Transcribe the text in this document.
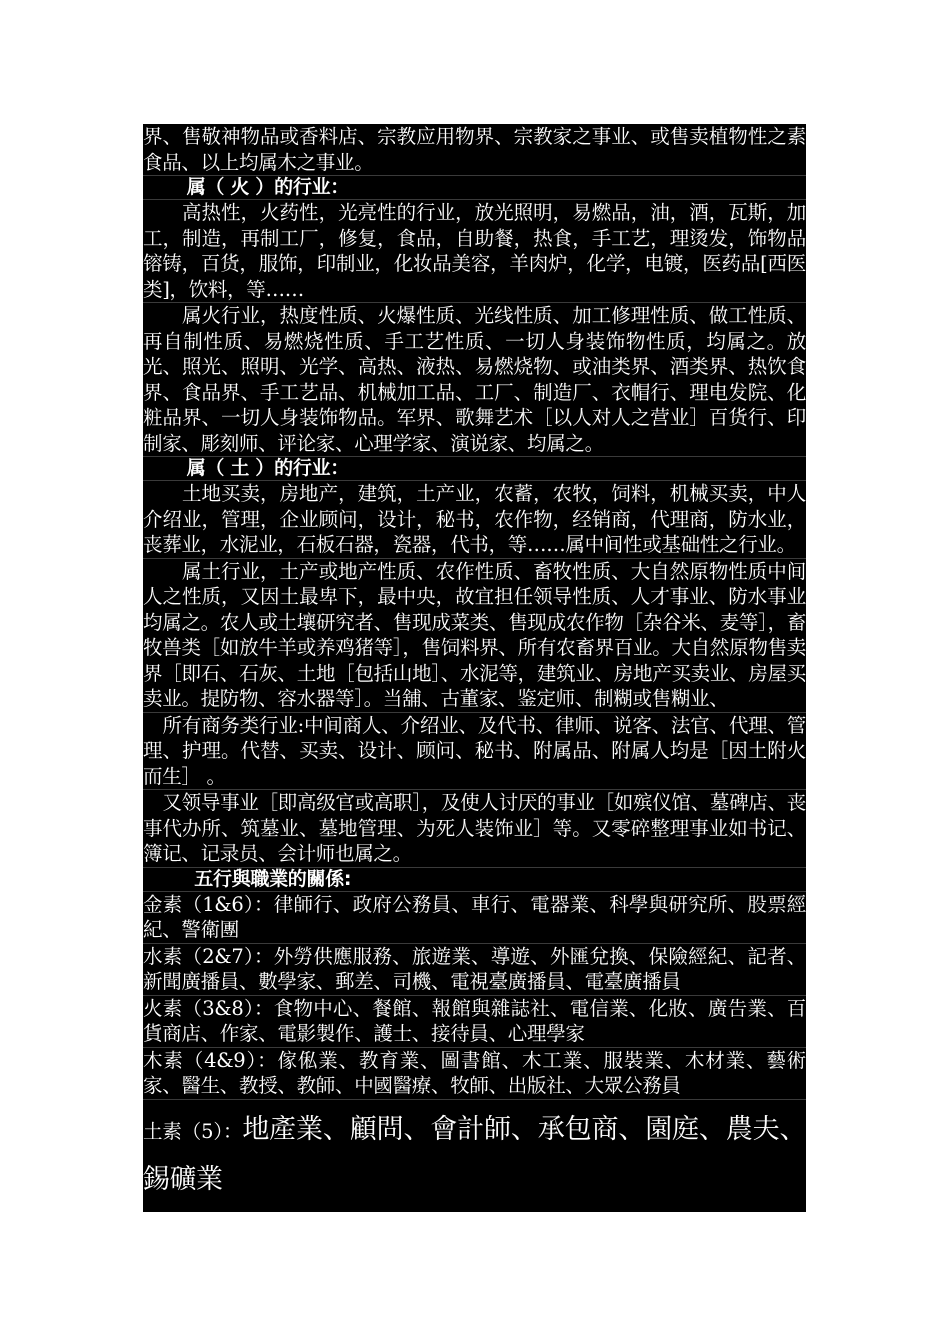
界、售敬神物品或香料店、宗教应用物界、宗教家之事业、或售卖植物性之素食品、以上均属木之事业。

属（ 火 ）的行业：

高热性，火药性，光亮性的行业，放光照明，易燃品，油，酒，瓦斯，加工，制造，再制工厂，修复，食品，自助餐，热食，手工艺，理烫发，饰物品镕铸，百货，服饰，印制业，化妆品美容，羊肉炉，化学，电镀，医药品[西医类]，饮料，等……

属火行业，热度性质、火爆性质、光线性质、加工修理性质、做工性质、再自制性质、易燃烧性质、手工艺性质、一切人身装饰物性质，均属之。放光、照光、照明、光学、高热、液热、易燃烧物、或油类界、酒类界、热饮食界、食品界、手工艺品、机械加工品、工厂、制造厂、衣帽行、理电发院、化粧品界、一切人身装饰物品。军界、歌舞艺术［以人对人之营业］百货行、印制家、彫刻师、评论家、心理学家、演说家、均属之。

属（ 土 ）的行业：

土地买卖，房地产，建筑，土产业，农蓄，农牧，饲料，机械买卖，中人介绍业，管理，企业顾问，设计，秘书，农作物，经销商，代理商，防水业，丧葬业，水泥业，石板石器，瓷器，代书，等……属中间性或基础性之行业。

属土行业，土产或地产性质、农作性质、畜牧性质、大自然原物性质中间人之性质，又因土最卑下，最中央，故宜担任领导性质、人才事业、防水事业均属之。农人或土壤研究者、售现成菜类、售现成农作物［杂谷米、麦等］，畜牧兽类［如放牛羊或养鸡猪等］，售饲料界、所有农畜界百业。大自然原物售卖界［即石、石灰、土地［包括山地］、水泥等，建筑业、房地产买卖业、房屋买卖业。提防物、容水器等］。当舖、古董家、鉴定师、制糊或售糊业、

所有商务类行业:中间商人、介绍业、及代书、律师、说客、法官、代理、管理、护理。代替、买卖、设计、顾问、秘书、附属品、附属人均是［因土附火而生］ 。

又领导事业［即高级官或高职］，及使人讨厌的事业［如殡仪馆、墓碑店、丧事代办所、筑墓业、墓地管理、为死人装饰业］等。又零碎整理事业如书记、簿记、记录员、会计师也属之。

五行與職業的關係:

金素（1&6）：律師行、政府公務員、車行、電器業、科學與研究所、股票經紀、警衛團

水素（2&7）：外勞供應服務、旅遊業、導遊、外匯兌換、保險經紀、記者、新聞廣播員、數學家、郵差、司機、電視臺廣播員、電臺廣播員

火素（3&8）：食物中心、餐館、報館與雜誌社、電信業、化妝、廣告業、百貨商店、作家、電影製作、護士、接待員、心理學家

木素（4&9）：傢俬業、教育業、圖書館、木工業、服裝業、木材業、藝術家、醫生、教授、教師、中國醫療、牧師、出版社、大眾公務員

土素（5）：地產業、顧問、會計師、承包商、園庭、農夫、錫礦業
